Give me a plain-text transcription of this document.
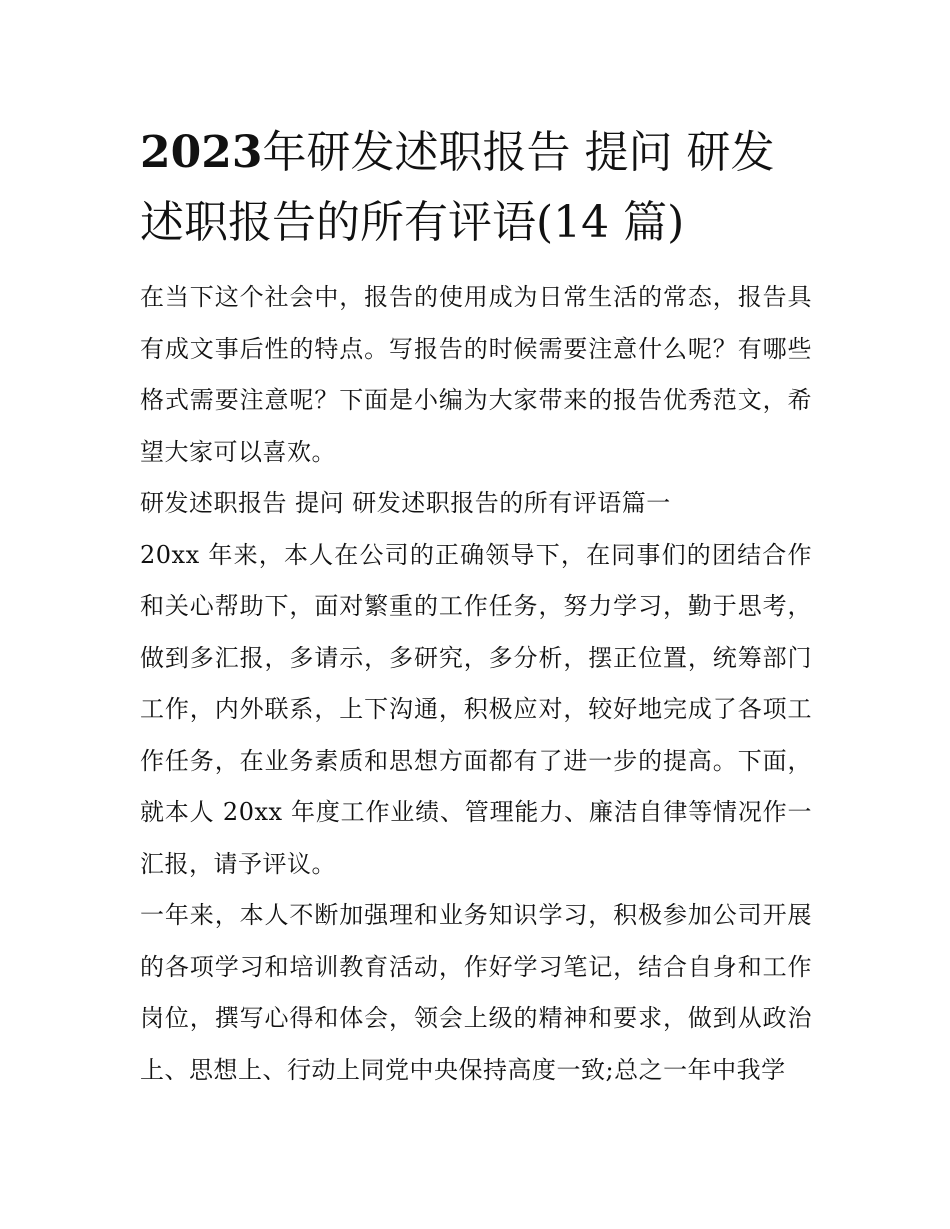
2023年研发述职报告 提问 研发述职报告的所有评语(14 篇)

在当下这个社会中，报告的使用成为日常生活的常态，报告具有成文事后性的特点。写报告的时候需要注意什么呢？有哪些格式需要注意呢？下面是小编为大家带来的报告优秀范文，希望大家可以喜欢。

研发述职报告 提问 研发述职报告的所有评语篇一

20xx 年来，本人在公司的正确领导下，在同事们的团结合作和关心帮助下，面对繁重的工作任务，努力学习，勤于思考，做到多汇报，多请示，多研究，多分析，摆正位置，统筹部门工作，内外联系，上下沟通，积极应对，较好地完成了各项工作任务，在业务素质和思想方面都有了进一步的提高。下面，就本人 20xx 年度工作业绩、管理能力、廉洁自律等情况作一汇报，请予评议。

一年来，本人不断加强理和业务知识学习，积极参加公司开展的各项学习和培训教育活动，作好学习笔记，结合自身和工作岗位，撰写心得和体会，领会上级的精神和要求，做到从政治上、思想上、行动上同党中央保持高度一致;总之一年中我学
